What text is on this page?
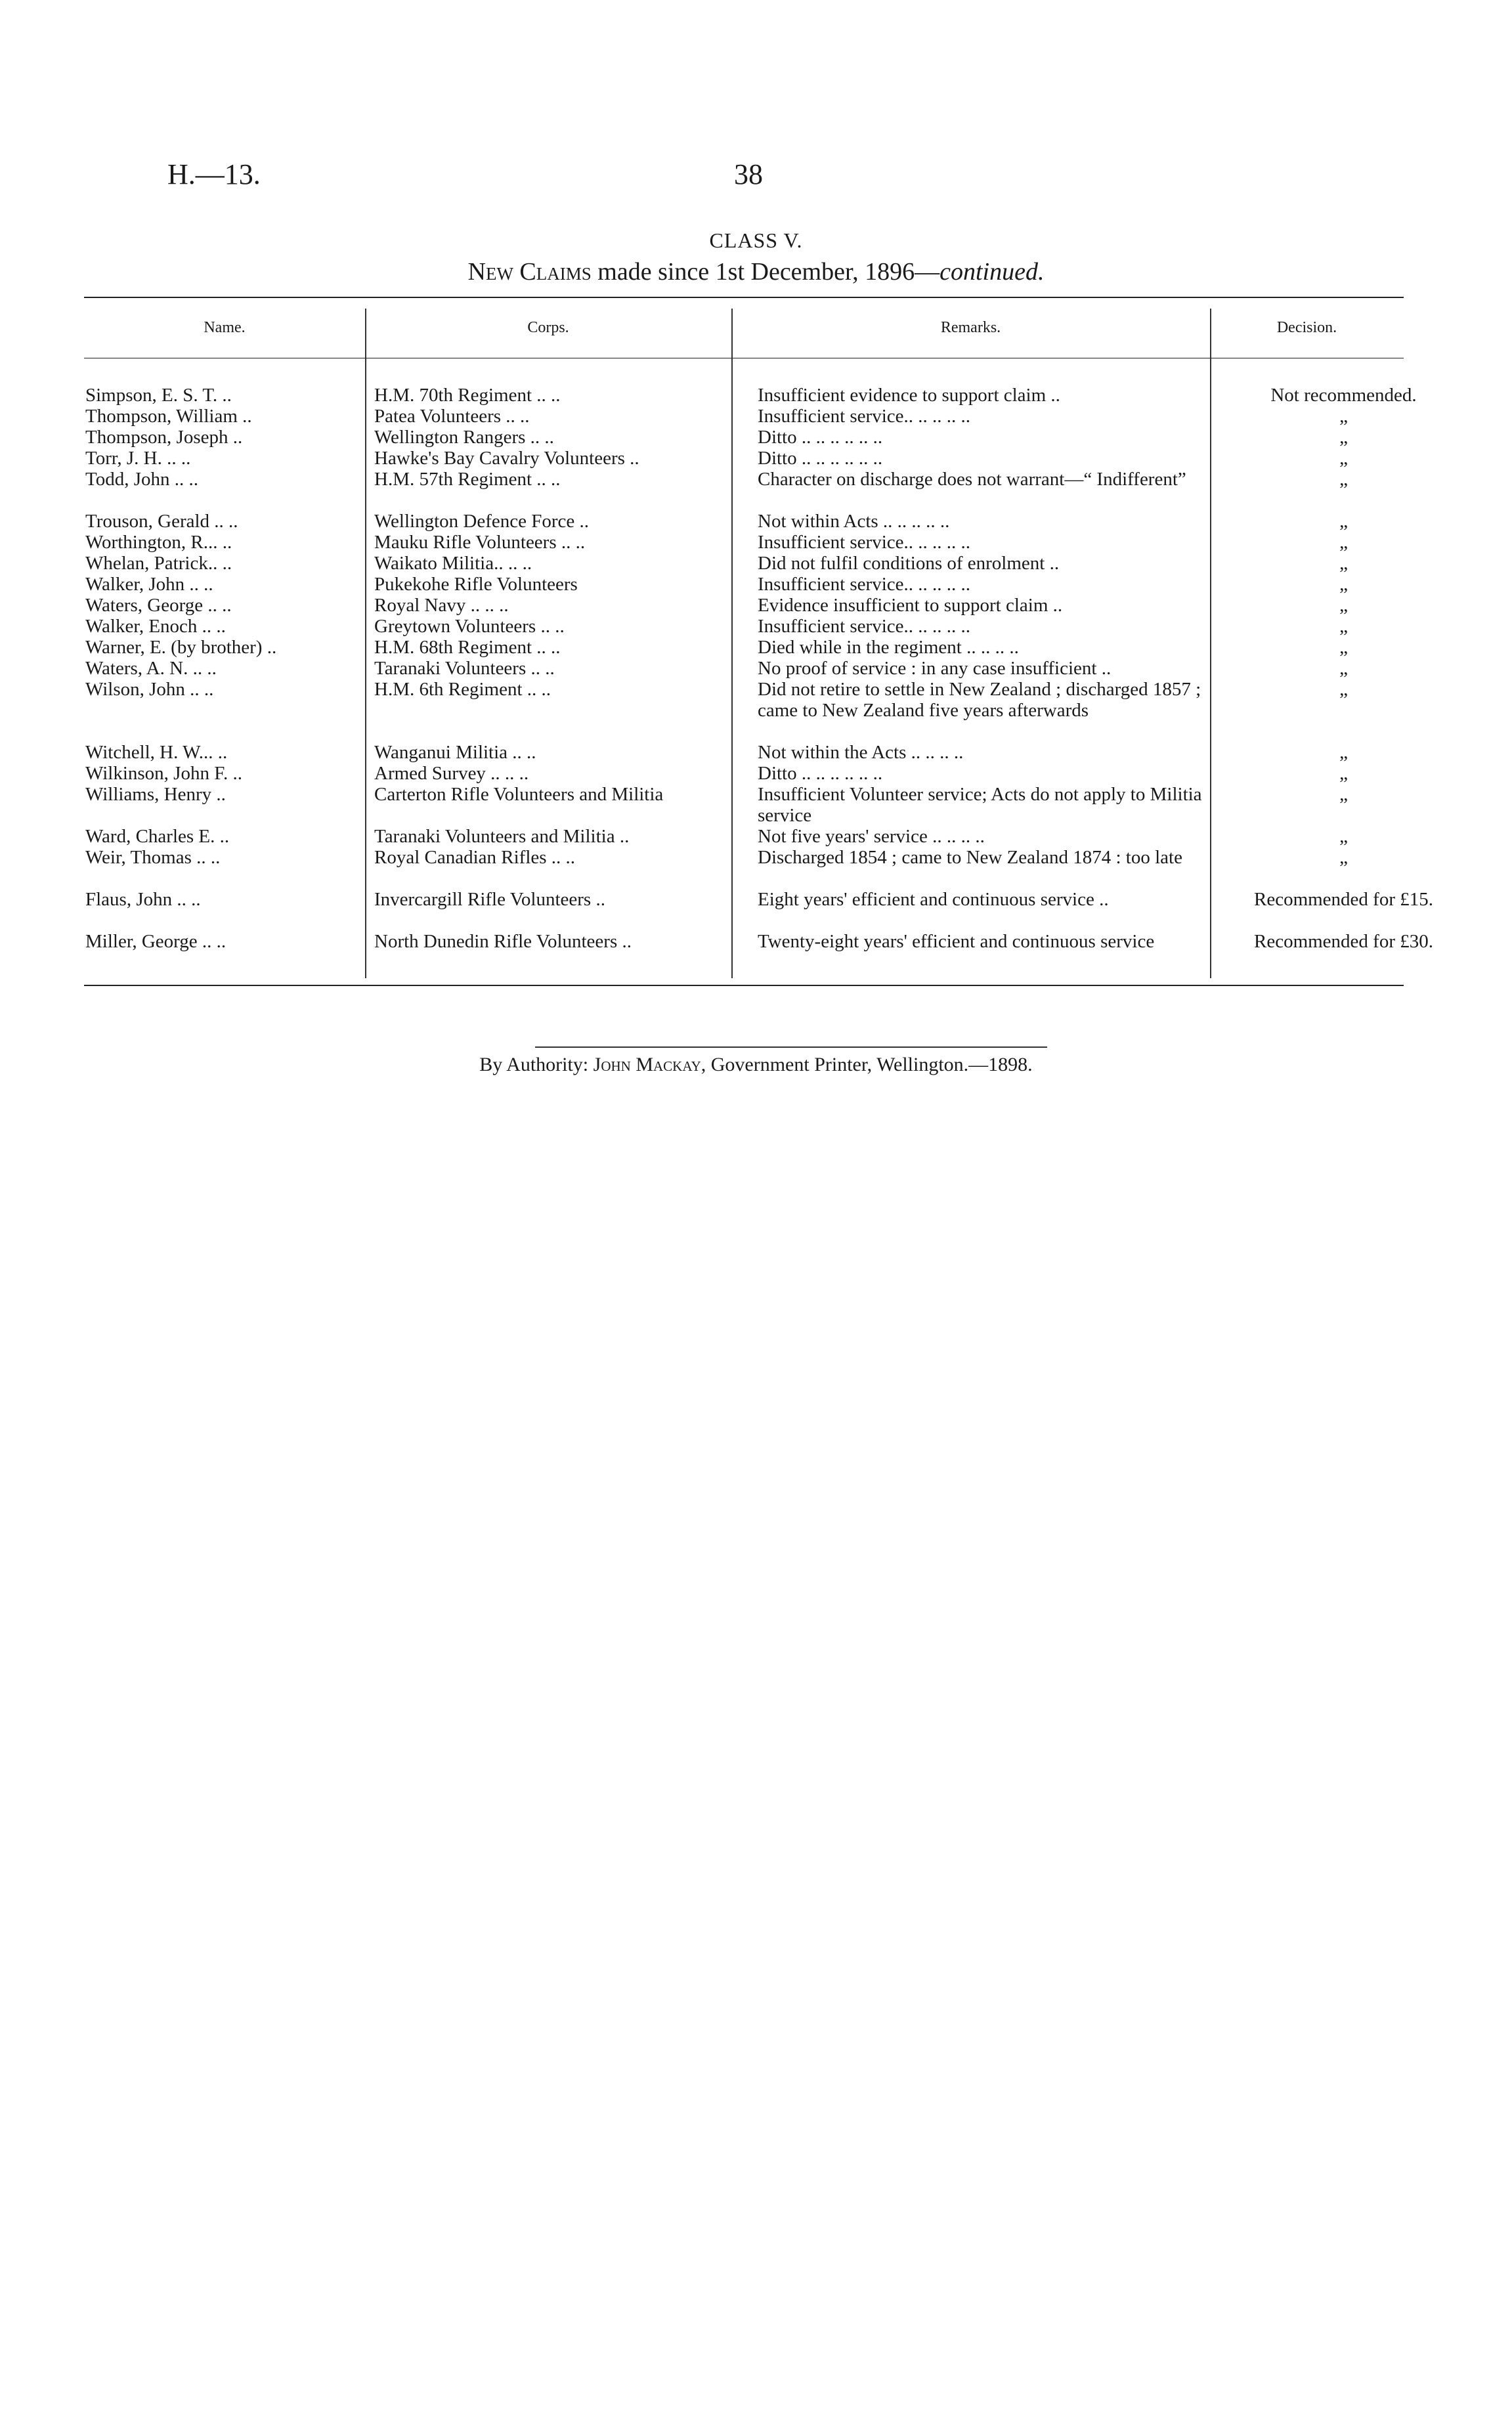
H.—13.	38
CLASS V.
New Claims made since 1st December, 1896—continued.
Name.	Corps.	Remarks.	Decision.
Simpson, E. S. T. ..	H.M. 70th Regiment .. ..	Insufficient evidence to support claim ..	Not recommended.
Thompson, William ..	Patea Volunteers .. ..	Insufficient service.. .. .. .. ..	„
Thompson, Joseph ..	Wellington Rangers .. ..	Ditto .. .. .. .. .. ..	„
Torr, J. H. .. ..	Hawke's Bay Cavalry Volunteers ..	Ditto .. .. .. .. .. ..	„
Todd, John .. ..	H.M. 57th Regiment .. ..	Character on discharge does not warrant—“ Indifferent”	„
Trouson, Gerald .. ..	Wellington Defence Force ..	Not within Acts .. .. .. .. ..	„
Worthington, R... ..	Mauku Rifle Volunteers .. ..	Insufficient service.. .. .. .. ..	„
Whelan, Patrick.. ..	Waikato Militia.. .. ..	Did not fulfil conditions of enrolment ..	„
Walker, John .. ..	Pukekohe Rifle Volunteers	Insufficient service.. .. .. .. ..	„
Waters, George .. ..	Royal Navy .. .. ..	Evidence insufficient to support claim ..	„
Walker, Enoch .. ..	Greytown Volunteers .. ..	Insufficient service.. .. .. .. ..	„
Warner, E. (by brother) ..	H.M. 68th Regiment .. ..	Died while in the regiment .. .. .. ..	„
Waters, A. N. .. ..	Taranaki Volunteers .. ..	No proof of service : in any case insufficient ..	„
Wilson, John .. ..	H.M. 6th Regiment .. ..	Did not retire to settle in New Zealand ; discharged 1857 ; came to New Zealand five years afterwards	„
Witchell, H. W... ..	Wanganui Militia .. ..	Not within the Acts .. .. .. ..	„
Wilkinson, John F. ..	Armed Survey .. .. ..	Ditto .. .. .. .. .. ..	„
Williams, Henry ..	Carterton Rifle Volunteers and Militia	Insufficient Volunteer service; Acts do not apply to Militia service	„
Ward, Charles E. ..	Taranaki Volunteers and Militia ..	Not five years' service .. .. .. ..	„
Weir, Thomas .. ..	Royal Canadian Rifles .. ..	Discharged 1854 ; came to New Zealand 1874 : too late	„
Flaus, John .. ..	Invercargill Rifle Volunteers ..	Eight years' efficient and continuous service ..	Recommended for £15.
Miller, George .. ..	North Dunedin Rifle Volunteers ..	Twenty-eight years' efficient and continuous service	Recommended for £30.
By Authority: John Mackay, Government Printer, Wellington.—1898.
